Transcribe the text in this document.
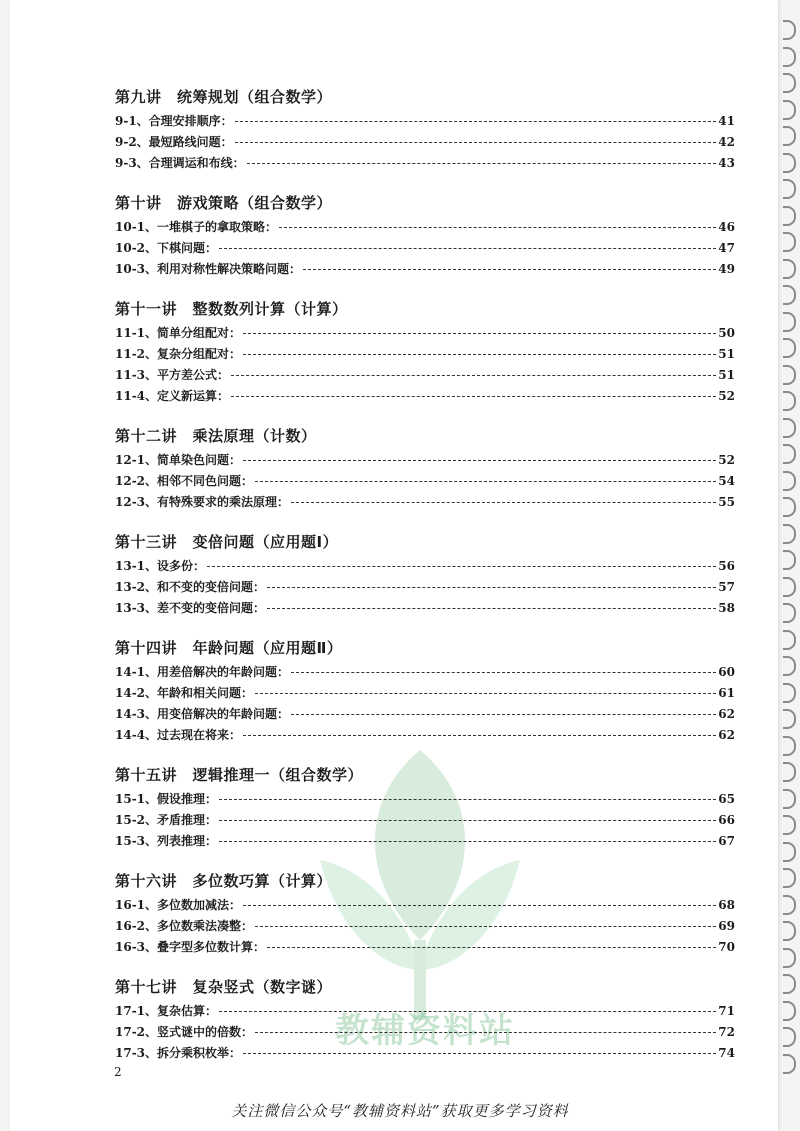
教辅资料站
第九讲　统筹规划（组合数学）
9-1、合理安排顺序：	41
9-2、最短路线问题：	42
9-3、合理调运和布线：	43
第十讲　游戏策略（组合数学）
10-1、一堆棋子的拿取策略：	46
10-2、下棋问题：	47
10-3、利用对称性解决策略问题：	49
第十一讲　整数数列计算（计算）
11-1、简单分组配对：	50
11-2、复杂分组配对：	51
11-3、平方差公式：	51
11-4、定义新运算：	52
第十二讲　乘法原理（计数）
12-1、简单染色问题：	52
12-2、相邻不同色问题：	54
12-3、有特殊要求的乘法原理：	55
第十三讲　变倍问题（应用题Ⅰ）
13-1、设多份：	56
13-2、和不变的变倍问题：	57
13-3、差不变的变倍问题：	58
第十四讲　年龄问题（应用题Ⅱ）
14-1、用差倍解决的年龄问题：	60
14-2、年龄和相关问题：	61
14-3、用变倍解决的年龄问题：	62
14-4、过去现在将来：	62
第十五讲　逻辑推理一（组合数学）
15-1、假设推理：	65
15-2、矛盾推理：	66
15-3、列表推理：	67
第十六讲　多位数巧算（计算）
16-1、多位数加减法：	68
16-2、多位数乘法凑整：	69
16-3、叠字型多位数计算：	70
第十七讲　复杂竖式（数字谜）
17-1、复杂估算：	71
17-2、竖式谜中的倍数：	72
17-3、拆分乘积枚举：	74
2
关注微信公众号“教辅资料站”获取更多学习资料
